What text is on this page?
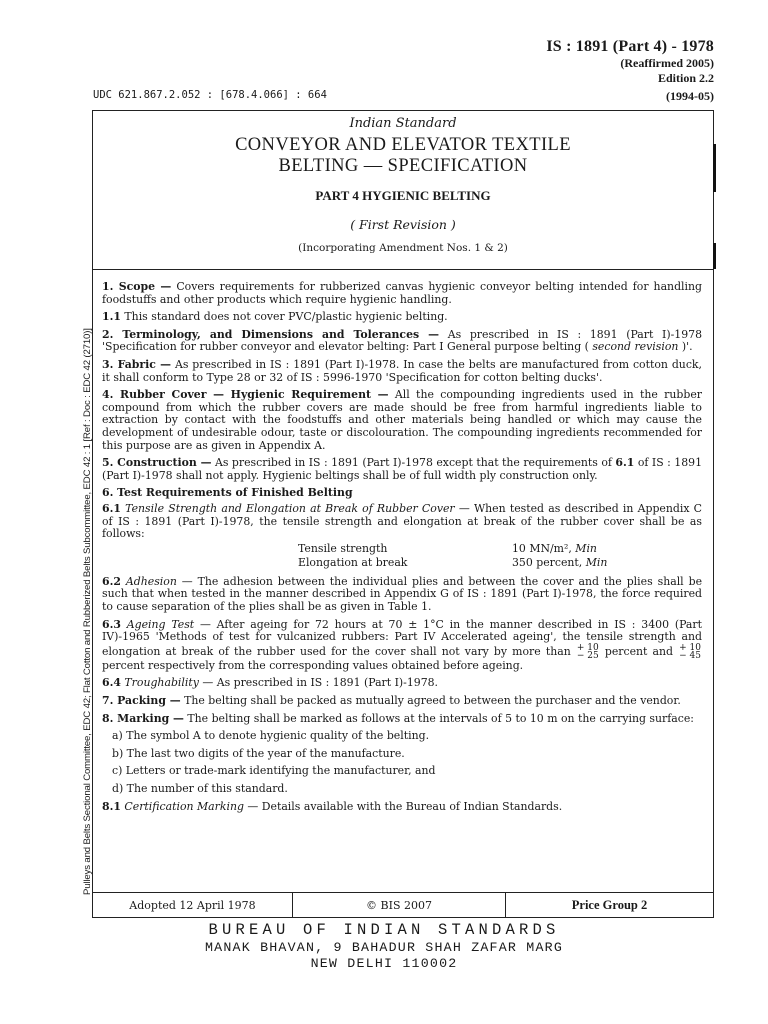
IS : 1891 (Part 4) - 1978
(Reaffirmed 2005)
Edition 2.2
UDC 621.867.2.052 : [678.4.066] : 664	(1994-05)
Pulleys and Belts Sectional Committee, EDC 42; Flat Cotton and Rubberized Belts Subcommittee, EDC 42 : 1 [Ref : Doc : EDC 42 (2710)]
Indian Standard
CONVEYOR AND ELEVATOR TEXTILE
BELTING — SPECIFICATION
PART 4 HYGIENIC BELTING
( First Revision )
(Incorporating Amendment Nos. 1 & 2)

1. Scope — Covers requirements for rubberized canvas hygienic conveyor belting intended for handling foodstuffs and other products which require hygienic handling.

1.1 This standard does not cover PVC/plastic hygienic belting.

2. Terminology, and Dimensions and Tolerances — As prescribed in IS : 1891 (Part I)-1978 'Specification for rubber conveyor and elevator belting: Part I General purpose belting ( second revision )'.

3. Fabric — As prescribed in IS : 1891 (Part I)-1978. In case the belts are manufactured from cotton duck, it shall conform to Type 28 or 32 of IS : 5996-1970 'Specification for cotton belting ducks'.

4. Rubber Cover — Hygienic Requirement — All the compounding ingredients used in the rubber compound from which the rubber covers are made should be free from harmful ingredients liable to extraction by contact with the foodstuffs and other materials being handled or which may cause the development of undesirable odour, taste or discolouration. The compounding ingredients recommended for this purpose are as given in Appendix A.

5. Construction — As prescribed in IS : 1891 (Part I)-1978 except that the requirements of 6.1 of IS : 1891 (Part I)-1978 shall not apply. Hygienic beltings shall be of full width ply construction only.

6. Test Requirements of Finished Belting

6.1 Tensile Strength and Elongation at Break of Rubber Cover — When tested as described in Appendix C of IS : 1891 (Part I)-1978, the tensile strength and elongation at break of the rubber cover shall be as follows:

Tensile strength	10 MN/m², Min
Elongation at break	350 percent, Min

6.2 Adhesion — The adhesion between the individual plies and between the cover and the plies shall be such that when tested in the manner described in Appendix G of IS : 1891 (Part I)-1978, the force required to cause separation of the plies shall be as given in Table 1.

6.3 Ageing Test — After ageing for 72 hours at 70 ± 1°C in the manner described in IS : 3400 (Part IV)-1965 'Methods of test for vulcanized rubbers: Part IV Accelerated ageing', the tensile strength and elongation at break of the rubber used for the cover shall not vary by more than + 10
− 25 percent and + 10
− 45
percent respectively from the corresponding values obtained before ageing.

6.4 Troughability — As prescribed in IS : 1891 (Part I)-1978.

7. Packing — The belting shall be packed as mutually agreed to between the purchaser and the vendor.

8. Marking — The belting shall be marked as follows at the intervals of 5 to 10 m on the carrying surface:

a) The symbol A to denote hygienic quality of the belting.
b) The last two digits of the year of the manufacture.
c) Letters or trade-mark identifying the manufacturer, and
d) The number of this standard.

8.1 Certification Marking — Details available with the Bureau of Indian Standards.

Adopted 12 April 1978	© BIS 2007	Price Group 2
BUREAU OF INDIAN STANDARDS
MANAK BHAVAN, 9 BAHADUR SHAH ZAFAR MARG
NEW DELHI 110002
